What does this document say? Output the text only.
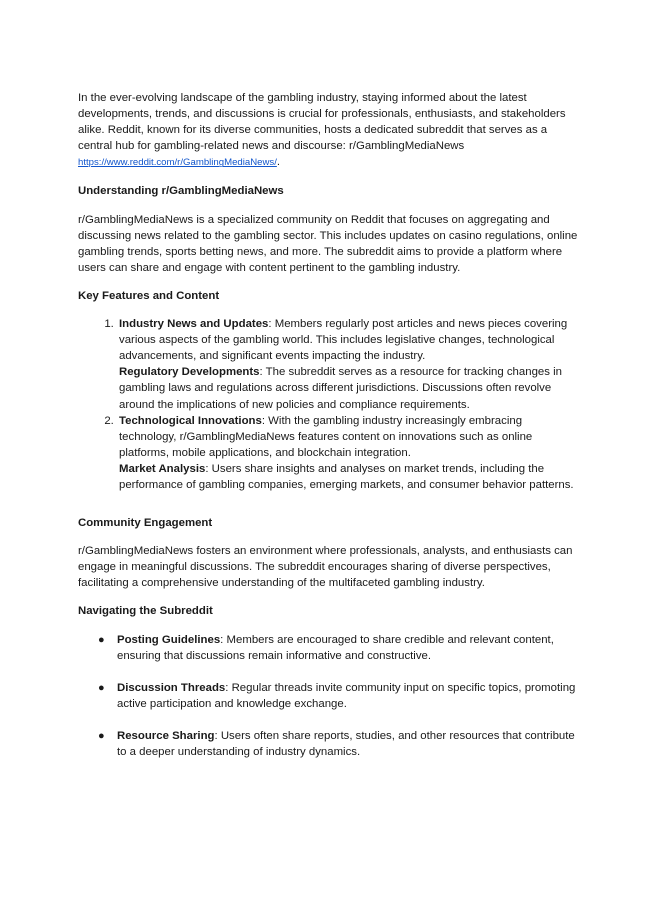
In the ever-evolving landscape of the gambling industry, staying informed about the latest developments, trends, and discussions is crucial for professionals, enthusiasts, and stakeholders alike. Reddit, known for its diverse communities, hosts a dedicated subreddit that serves as a central hub for gambling-related news and discourse: r/GamblingMediaNews https://www.reddit.com/r/GamblingMediaNews/.

Understanding r/GamblingMediaNews

r/GamblingMediaNews is a specialized community on Reddit that focuses on aggregating and discussing news related to the gambling sector. This includes updates on casino regulations, online gambling trends, sports betting news, and more. The subreddit aims to provide a platform where users can share and engage with content pertinent to the gambling industry.

Key Features and Content
1. Industry News and Updates: Members regularly post articles and news pieces covering various aspects of the gambling world. This includes legislative changes, technological advancements, and significant events impacting the industry.
Regulatory Developments: The subreddit serves as a resource for tracking changes in gambling laws and regulations across different jurisdictions. Discussions often revolve around the implications of new policies and compliance requirements.
2. Technological Innovations: With the gambling industry increasingly embracing technology, r/GamblingMediaNews features content on innovations such as online platforms, mobile applications, and blockchain integration.
Market Analysis: Users share insights and analyses on market trends, including the performance of gambling companies, emerging markets, and consumer behavior patterns.
Community Engagement

r/GamblingMediaNews fosters an environment where professionals, analysts, and enthusiasts can engage in meaningful discussions. The subreddit encourages sharing of diverse perspectives, facilitating a comprehensive understanding of the multifaceted gambling industry.

Navigating the Subreddit
● Posting Guidelines: Members are encouraged to share credible and relevant content, ensuring that discussions remain informative and constructive.
● Discussion Threads: Regular threads invite community input on specific topics, promoting active participation and knowledge exchange.
● Resource Sharing: Users often share reports, studies, and other resources that contribute to a deeper understanding of industry dynamics.
